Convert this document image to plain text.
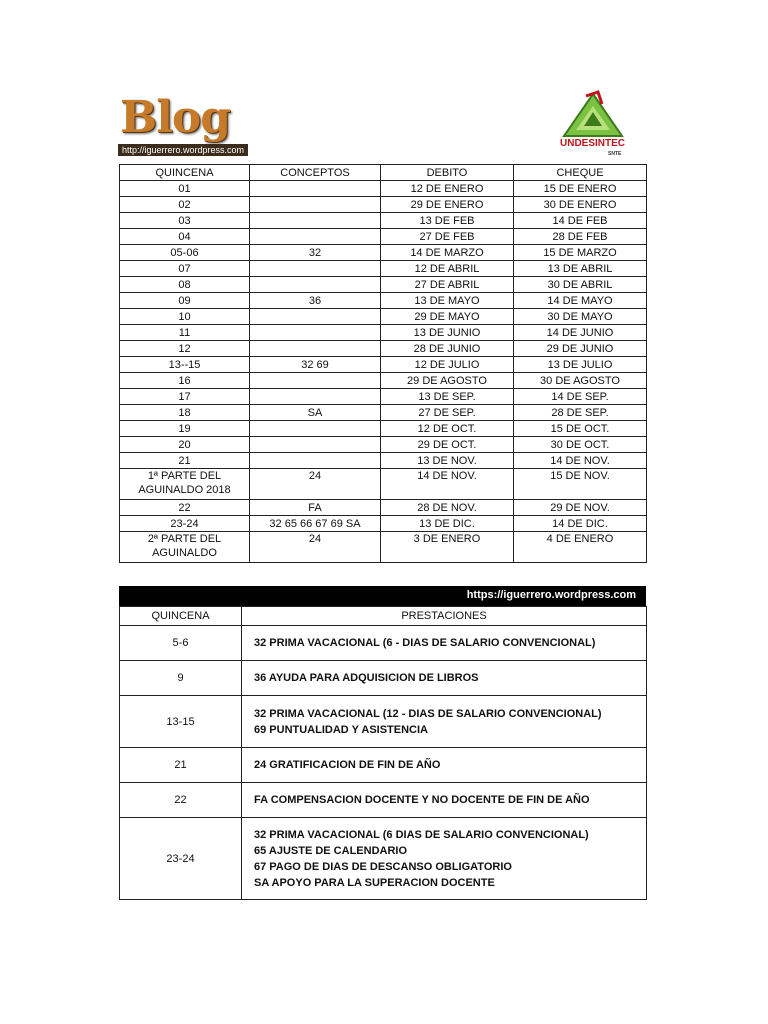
Blog
http://iguerrero.wordpress.com
UNDESINTEC
SNTE
QUINCENA	CONCEPTOS	DEBITO	CHEQUE
01		12 DE ENERO	15 DE ENERO
02		29 DE ENERO	30 DE ENERO
03		13 DE FEB	14 DE FEB
04		27 DE FEB	28 DE FEB
05-06	32	14 DE MARZO	15 DE MARZO
07		12 DE ABRIL	13 DE ABRIL
08		27 DE ABRIL	30 DE ABRIL
09	36	13 DE MAYO	14 DE MAYO
10		29 DE MAYO	30 DE MAYO
11		13 DE JUNIO	14 DE JUNIO
12		28 DE JUNIO	29 DE JUNIO
13--15	32 69	12 DE JULIO	13 DE JULIO
16		29 DE AGOSTO	30 DE AGOSTO
17		13 DE SEP.	14 DE SEP.
18	SA	27 DE SEP.	28 DE SEP.
19		12 DE OCT.	15 DE OCT.
20		29 DE OCT.	30 DE OCT.
21		13 DE NOV.	14 DE NOV.
1ª PARTE DEL AGUINALDO 2018	24	14 DE NOV.	15 DE NOV.
22	FA	28 DE NOV.	29 DE NOV.
23-24	32 65 66 67 69 SA	13 DE DIC.	14 DE DIC.
2ª PARTE DEL AGUINALDO	24	3 DE ENERO	4 DE ENERO
https://iguerrero.wordpress.com
QUINCENA	PRESTACIONES
5-6	32 PRIMA VACACIONAL (6 - DIAS DE SALARIO CONVENCIONAL)

9	36 AYUDA PARA ADQUISICION DE LIBROS

13-15	32 PRIMA VACACIONAL (12 - DIAS DE SALARIO CONVENCIONAL)
69 PUNTUALIDAD Y ASISTENCIA

21	24 GRATIFICACION DE FIN DE AÑO

22	FA COMPENSACION DOCENTE Y NO DOCENTE DE FIN DE AÑO

23-24	32 PRIMA VACACIONAL (6 DIAS DE SALARIO CONVENCIONAL)
65 AJUSTE DE CALENDARIO
67 PAGO DE DIAS DE DESCANSO OBLIGATORIO
SA APOYO PARA LA SUPERACION DOCENTE
